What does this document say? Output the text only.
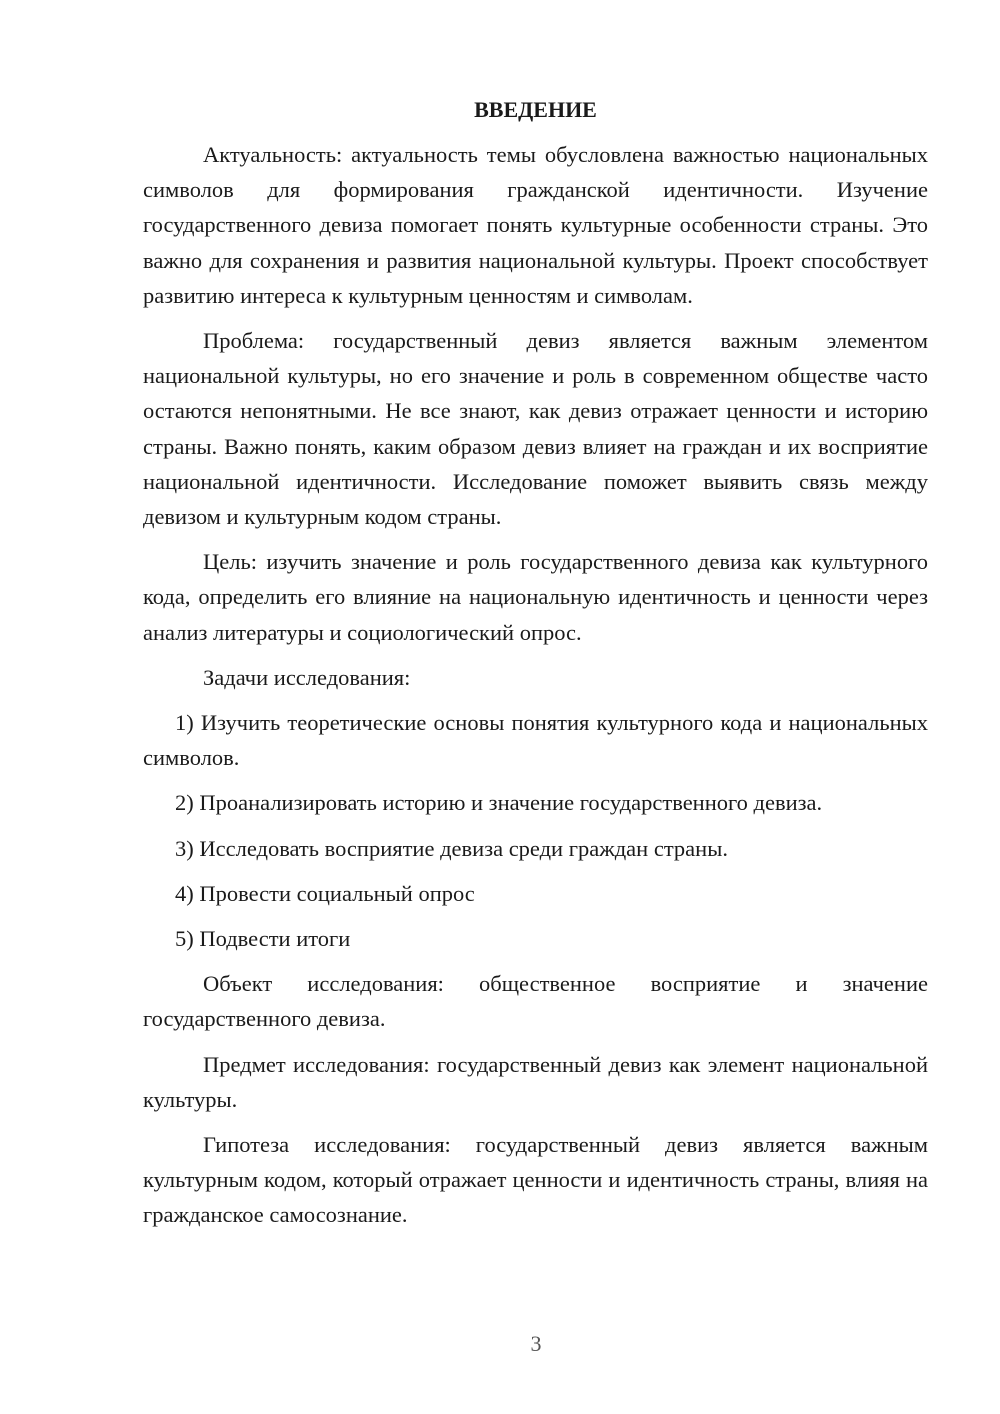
ВВЕДЕНИЕ

Актуальность: актуальность темы обусловлена важностью национальных символов для формирования гражданской идентичности. Изучение государственного девиза помогает понять культурные особенности страны. Это важно для сохранения и развития национальной культуры. Проект способствует развитию интереса к культурным ценностям и символам.

Проблема: государственный девиз является важным элементом национальной культуры, но его значение и роль в современном обществе часто остаются непонятными. Не все знают, как девиз отражает ценности и историю страны. Важно понять, каким образом девиз влияет на граждан и их восприятие национальной идентичности. Исследование поможет выявить связь между девизом и культурным кодом страны.

Цель: изучить значение и роль государственного девиза как культурного кода, определить его влияние на национальную идентичность и ценности через анализ литературы и социологический опрос.

Задачи исследования:

1) Изучить теоретические основы понятия культурного кода и национальных символов.

2) Проанализировать историю и значение государственного девиза.

3) Исследовать восприятие девиза среди граждан страны.

4) Провести социальный опрос

5) Подвести итоги

Объект исследования: общественное восприятие и значение государственного девиза.

Предмет исследования: государственный девиз как элемент национальной культуры.

Гипотеза исследования: государственный девиз является важным культурным кодом, который отражает ценности и идентичность страны, влияя на гражданское самосознание.

3
